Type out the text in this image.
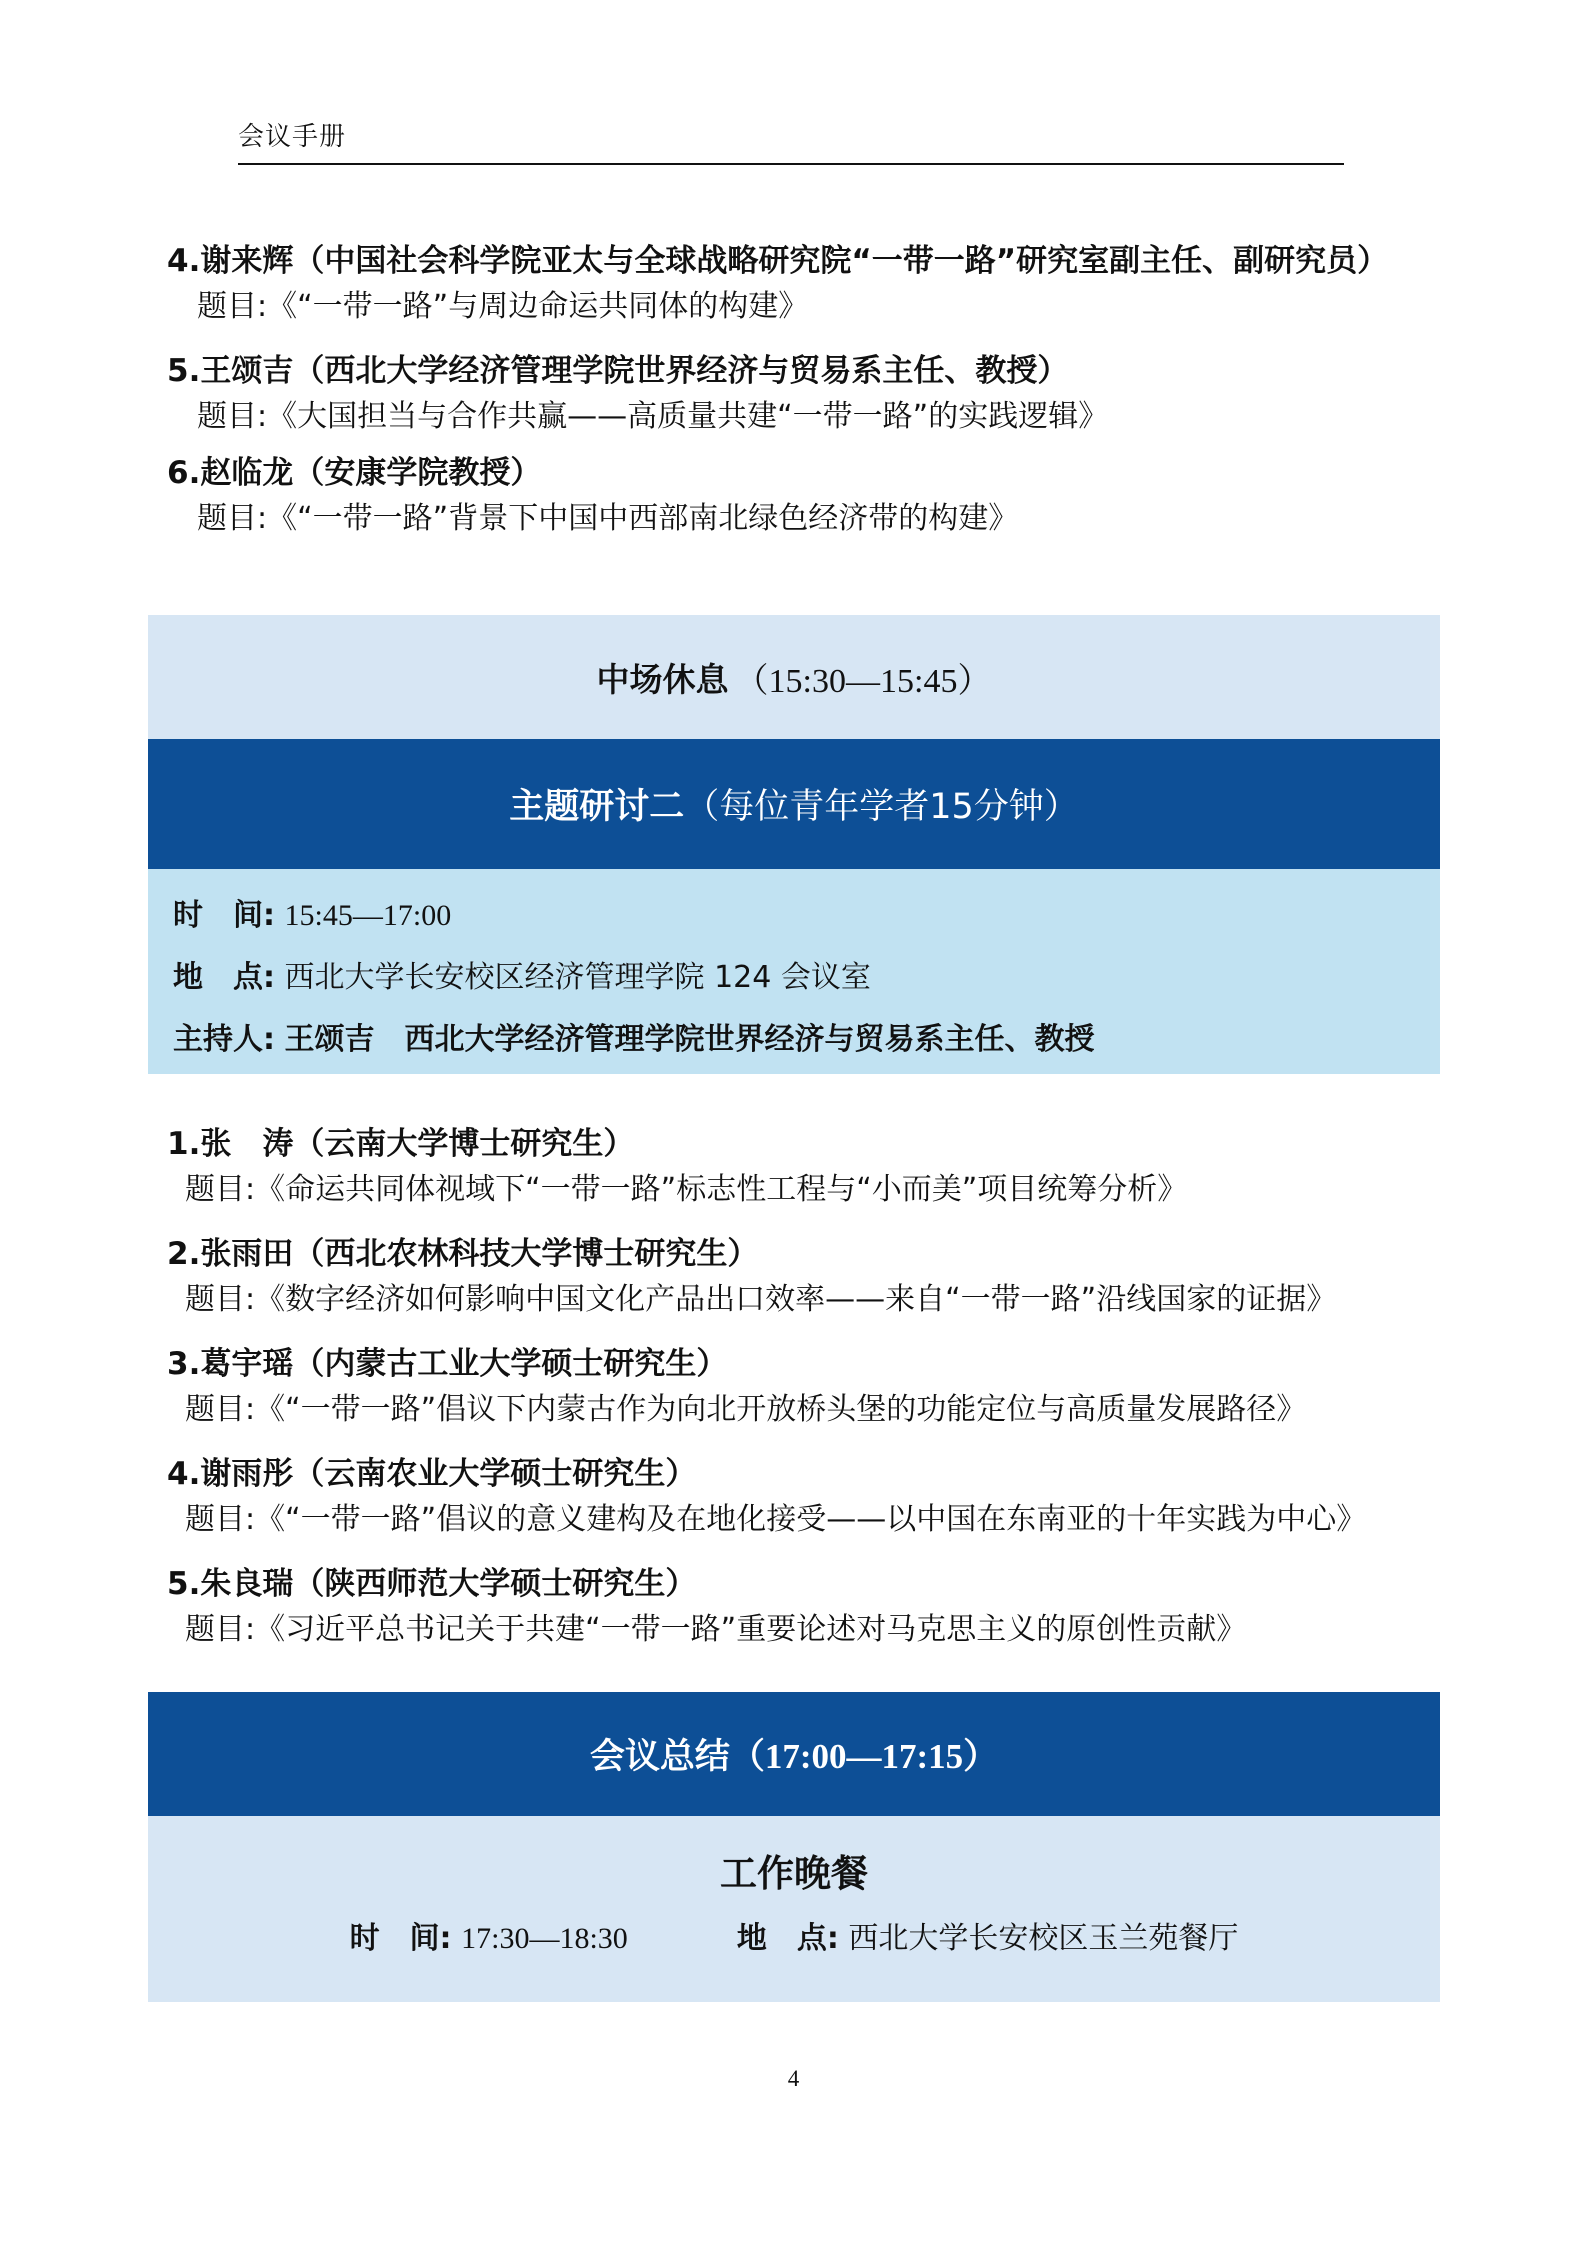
会议手册
4.谢来辉（中国社会科学院亚太与全球战略研究院“一带一路”研究室副主任、副研究员）
题目:《“一带一路”与周边命运共同体的构建》
5.王颂吉（西北大学经济管理学院世界经济与贸易系主任、教授）
题目:《大国担当与合作共赢——高质量共建“一带一路”的实践逻辑》
6.赵临龙（安康学院教授）
题目:《“一带一路”背景下中国中西部南北绿色经济带的构建》
中场休息 （15:30—15:45）
主题研讨二 （每位青年学者15分钟）
时　间: 15:45—17:00
地　点: 西北大学长安校区经济管理学院 124 会议室
主持人: 王颂吉　西北大学经济管理学院世界经济与贸易系主任、教授
1.张　涛（云南大学博士研究生）
题目:《命运共同体视域下“一带一路”标志性工程与“小而美”项目统筹分析》
2.张雨田（西北农林科技大学博士研究生）
题目:《数字经济如何影响中国文化产品出口效率——来自“一带一路”沿线国家的证据》
3.葛宇瑶（内蒙古工业大学硕士研究生）
题目:《“一带一路”倡议下内蒙古作为向北开放桥头堡的功能定位与高质量发展路径》
4.谢雨彤（云南农业大学硕士研究生）
题目:《“一带一路”倡议的意义建构及在地化接受——以中国在东南亚的十年实践为中心》
5.朱良瑞（陕西师范大学硕士研究生）
题目:《习近平总书记关于共建“一带一路”重要论述对马克思主义的原创性贡献》
会议总结 （17:00—17:15）
工作晚餐
时　间: 17:30—18:30	地　点: 西北大学长安校区玉兰苑餐厅
4
